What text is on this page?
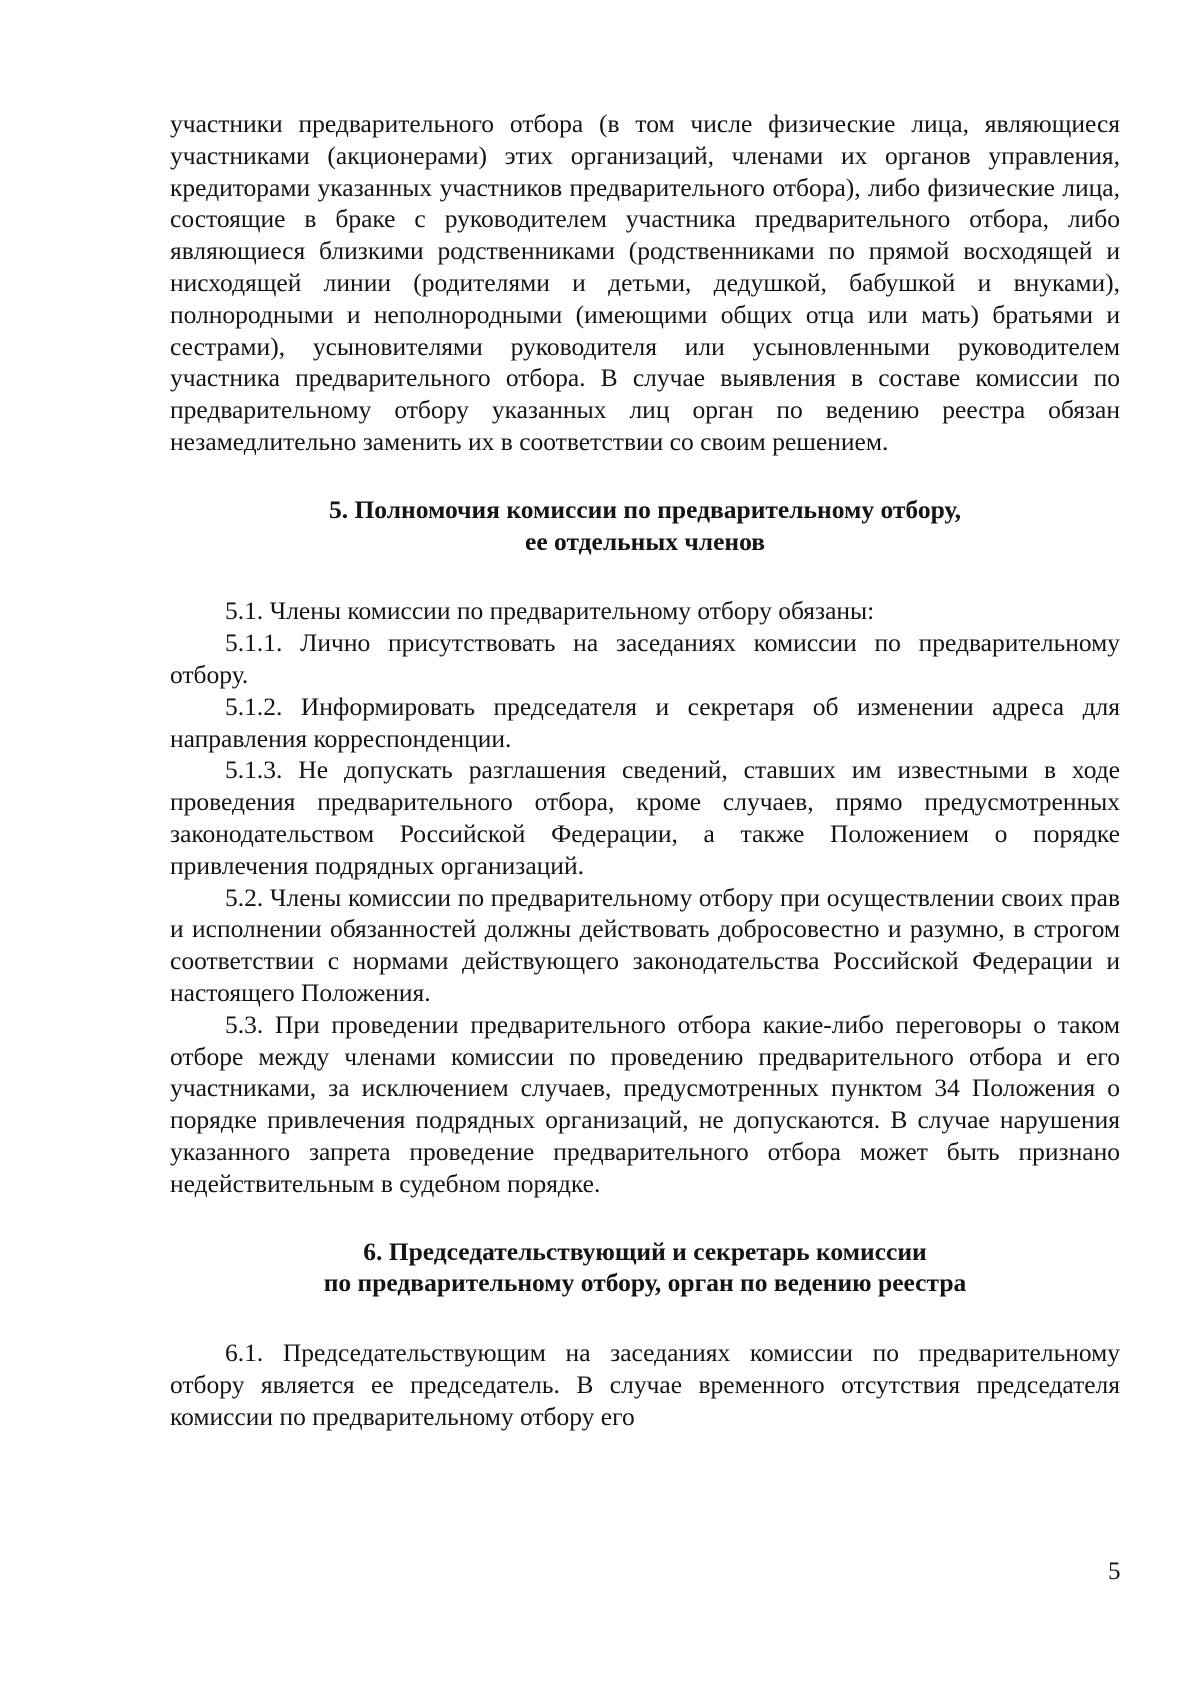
участники предварительного отбора (в том числе физические лица, являющиеся участниками (акционерами) этих организаций, членами их органов управления, кредиторами указанных участников предварительного отбора), либо физические лица, состоящие в браке с руководителем участника предварительного отбора, либо являющиеся близкими родственниками (родственниками по прямой восходящей и нисходящей линии (родителями и детьми, дедушкой, бабушкой и внуками), полнородными и неполнородными (имеющими общих отца или мать) братьями и сестрами), усыновителями руководителя или усыновленными руководителем участника предварительного отбора. В случае выявления в составе комиссии по предварительному отбору указанных лиц орган по ведению реестра обязан незамедлительно заменить их в соответствии со своим решением.

5. Полномочия комиссии по предварительному отбору,
ее отдельных членов

5.1. Члены комиссии по предварительному отбору обязаны:

5.1.1. Лично присутствовать на заседаниях комиссии по предварительному отбору.

5.1.2. Информировать председателя и секретаря об изменении адреса для направления корреспонденции.

5.1.3. Не допускать разглашения сведений, ставших им известными в ходе проведения предварительного отбора, кроме случаев, прямо предусмотренных законодательством Российской Федерации, а также Положением о порядке привлечения подрядных организаций.

5.2. Члены комиссии по предварительному отбору при осуществлении своих прав и исполнении обязанностей должны действовать добросовестно и разумно, в строгом соответствии с нормами действующего законодательства Российской Федерации и настоящего Положения.

5.3. При проведении предварительного отбора какие-либо переговоры о таком отборе между членами комиссии по проведению предварительного отбора и его участниками, за исключением случаев, предусмотренных пунктом 34 Положения о порядке привлечения подрядных организаций, не допускаются. В случае нарушения указанного запрета проведение предварительного отбора может быть признано недействительным в судебном порядке.

6. Председательствующий и секретарь комиссии
по предварительному отбору, орган по ведению реестра

6.1. Председательствующим на заседаниях комиссии по предварительному отбору является ее председатель. В случае временного отсутствия председателя комиссии по предварительному отбору его

5
